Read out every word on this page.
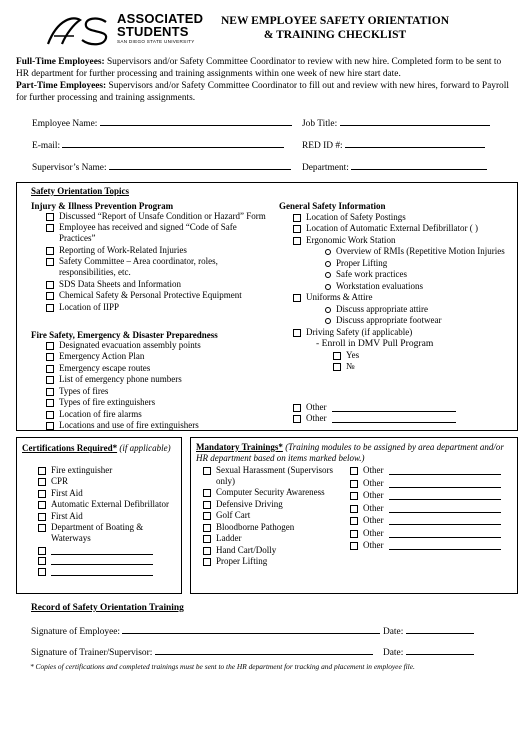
ASSOCIATED
STUDENTS
SAN DIEGO STATE UNIVERSITY
NEW EMPLOYEE SAFETY ORIENTATION
& TRAINING CHECKLIST
Full-Time Employees: Supervisors and/or Safety Committee Coordinator to review with new hire. Completed form to be sent to HR department for further processing and training assignments within one week of new hire start date.
Part-Time Employees: Supervisors and/or Safety Committee Coordinator to fill out and review with new hires, forward to Payroll for further processing and training assignments.
Employee Name:	Job Title:
E-mail:	RED ID #:
Supervisor’s Name:	Department:
Safety Orientation Topics
Injury & Illness Prevention Program
Discussed “Report of Unsafe Condition or Hazard” Form
Employee has received and signed “Code of Safe Practices”
Reporting of Work-Related Injuries
Safety Committee – Area coordinator, roles, responsibilities, etc.
SDS Data Sheets and Information
Chemical Safety & Personal Protective Equipment
Location of IIPP
Fire Safety, Emergency & Disaster Preparedness
Designated evacuation assembly points
Emergency Action Plan
Emergency escape routes
List of emergency phone numbers
Types of fires
Types of fire extinguishers
Location of fire alarms
Locations and use of fire extinguishers
General Safety Information
Location of Safety Postings
Location of Automatic External Defibrillator ( )
Ergonomic Work Station
Overview of RMIs (Repetitive Motion Injuries
Proper Lifting
Safe work practices
Workstation evaluations
Uniforms & Attire
Discuss appropriate attire
Discuss appropriate footwear
Driving Safety (if applicable)
- Enroll in DMV Pull Program
Yes
№
Other
Other
Certifications Required* (if applicable)
Fire extinguisher
CPR
First Aid
Automatic External Defibrillator
First Aid
Department of Boating & Waterways
Mandatory Trainings* (Training modules to be assigned by area department and/or HR department based on items marked below.)
Sexual Harassment (Supervisors only)
Computer Security Awareness
Defensive Driving
Golf Cart
Bloodborne Pathogen
Ladder
Hand Cart/Dolly
Proper Lifting
Other
Other
Other
Other
Other
Other
Other
Record of Safety Orientation Training
Signature of Employee:	Date:
Signature of Trainer/Supervisor:	Date:
* Copies of certifications and completed trainings must be sent to the HR department for tracking and placement in employee file.
